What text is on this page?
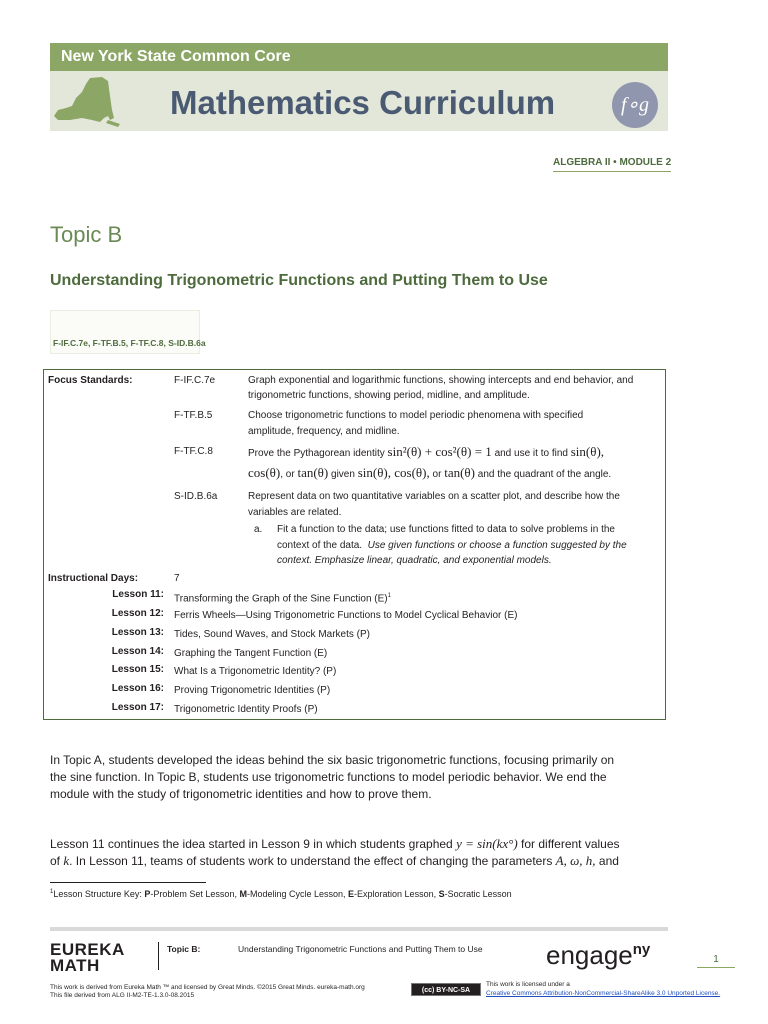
New York State Common Core
Mathematics Curriculum	f∘g
ALGEBRA II • MODULE 2
Topic B
Understanding Trigonometric Functions and Putting Them to Use
F-IF.C.7e, F-TF.B.5, F-TF.C.8, S-ID.B.6a
Focus Standards:	F-IF.C.7e	Graph exponential and logarithmic functions, showing intercepts and end behavior, and
trigonometric functions, showing period, midline, and amplitude.
F-TF.B.5	Choose trigonometric functions to model periodic phenomena with specified
amplitude, frequency, and midline.
F-TF.C.8	Prove the Pythagorean identity sin²(θ) + cos²(θ) = 1 and use it to find sin(θ),
cos(θ), or tan(θ) given sin(θ), cos(θ), or tan(θ) and the quadrant of the angle.
S-ID.B.6a	Represent data on two quantitative variables on a scatter plot, and describe how the
variables are related.
a. Fit a function to the data; use functions fitted to data to solve problems in the
context of the data. Use given functions or choose a function suggested by the
context. Emphasize linear, quadratic, and exponential models.
Instructional Days:	7
Lesson 11: Transforming the Graph of the Sine Function $(E)^1$
Lesson 12: Ferris Wheels—Using Trigonometric Functions to Model Cyclical Behavior (E)
Lesson 13: Tides, Sound Waves, and Stock Markets (P)
Lesson 14: Graphing the Tangent Function (E)
Lesson 15: What Is a Trigonometric Identity? (P)
Lesson 16: Proving Trigonometric Identities (P)
Lesson 17: Trigonometric Identity Proofs (P)
In Topic A, students developed the ideas behind the six basic trigonometric functions, focusing primarily on
the sine function. In Topic B, students use trigonometric functions to model periodic behavior. We end the
module with the study of trigonometric identities and how to prove them.
Lesson 11 continues the idea started in Lesson 9 in which students graphed y = sin(kx°) for different values
of k. In Lesson 11, teams of students work to understand the effect of changing the parameters A, ω, h, and
$^1$Lesson Structure Key: P-Problem Set Lesson, M-Modeling Cycle Lesson, E-Exploration Lesson, S-Socratic Lesson
EUREKA
MATH
Topic B:	Understanding Trigonometric Functions and Putting Them to Use engage$^{ny}$
1
This work is derived from Eureka Math ™ and licensed by Great Minds. ©2015 Great Minds. eureka-math.org
This file derived from ALG II-M2-TE-1.3.0-08.2015
(cc) BY-NC-SA
This work is licensed under a
Creative Commons Attribution-NonCommercial-ShareAlike 3.0 Unported License.
